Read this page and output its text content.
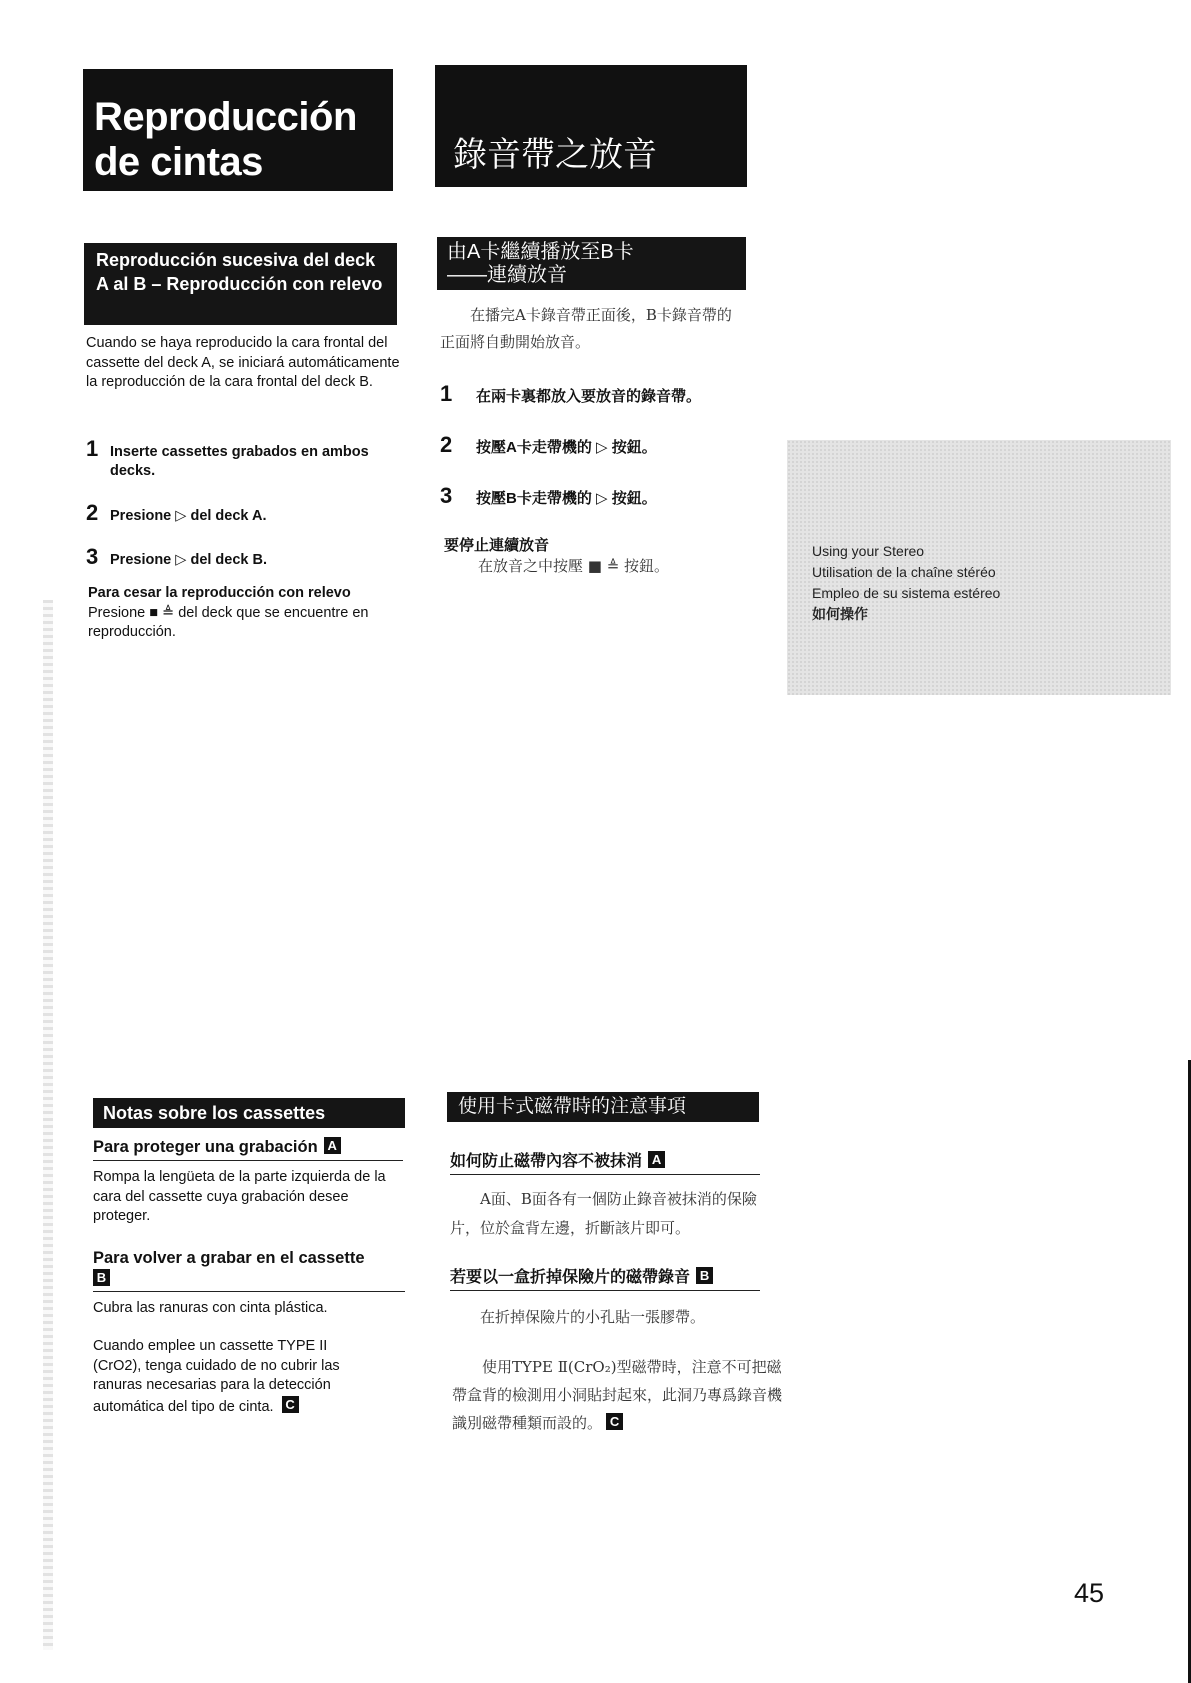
Reproducción
de cintas	錄音帶之放音
Reproducción sucesiva del deck A al B – Reproducción con relevo
由A卡繼續播放至B卡
——連續放音
Cuando se haya reproducido la cara frontal del cassette del deck A, se iniciará automáticamente la reproducción de la cara frontal del deck B.
1 Inserte cassettes grabados en ambos decks.
2 Presione ▷ del deck A.
3 Presione ▷ del deck B.
Para cesar la reproducción con relevo
Presione ■ ≜ del deck que se encuentre en reproducción.
在播完A卡錄音帶正面後，B卡錄音帶的正面將自動開始放音。
1	在兩卡裏都放入要放音的錄音帶。
2	按壓A卡走帶機的 ▷ 按鈕。
3	按壓B卡走帶機的 ▷ 按鈕。
要停止連續放音
在放音之中按壓 ■ ≜ 按鈕。
Using your Stereo
Utilisation de la chaîne stéréo
Empleo de su sistema estéreo
如何操作
Notas sobre los cassettes
Para proteger una grabación A
Rompa la lengüeta de la parte izquierda de la cara del cassette cuya grabación desee proteger.
Para volver a grabar en el cassette
B
Cubra las ranuras con cinta plástica.
Cuando emplee un cassette TYPE II (CrO2), tenga cuidado de no cubrir las ranuras necesarias para la detección automática del tipo de cinta. C
使用卡式磁帶時的注意事項
如何防止磁帶內容不被抹消 A
A面、B面各有一個防止錄音被抹消的保險片，位於盒背左邊，折斷該片即可。
若要以一盒折掉保險片的磁帶錄音 B
在折掉保險片的小孔貼一張膠帶。
使用TYPE Ⅱ(CrO₂)型磁帶時，注意不可把磁帶盒背的檢測用小洞貼封起來，此洞乃專爲錄音機識別磁帶種類而設的。 C
45
